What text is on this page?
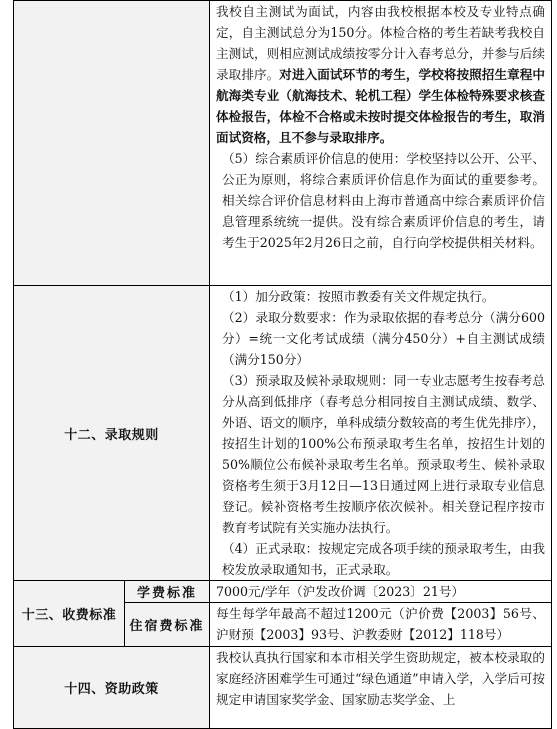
		我校自主测试为面试，内容由我校根据本校及专业特点确定，自主测试总分为150分。体检合格的考生若缺考我校自主测试，则相应测试成绩按零分计入春考总分，并参与后续录取排序。对进入面试环节的考生，学校将按照招生章程中航海类专业（航海技术、轮机工程）学生体检特殊要求核查体检报告，体检不合格或未按时提交体检报告的考生，取消面试资格，且不参与录取排序。

（5）综合素质评价信息的使用：学校坚持以公开、公平、公正为原则，将综合素质评价信息作为面试的重要参考。相关综合评价信息材料由上海市普通高中综合素质评价信息管理系统统一提供。没有综合素质评价信息的考生，请考生于2025年2月26日之前，自行向学校提供相关材料。

十二、录取规则		（1）加分政策：按照市教委有关文件规定执行。

（2）录取分数要求：作为录取依据的春考总分（满分600分）=统一文化考试成绩（满分450分）+自主测试成绩（满分150分）

（3）预录取及候补录取规则：同一专业志愿考生按春考总分从高到低排序（春考总分相同按自主测试成绩、数学、外语、语文的顺序，单科成绩分数较高的考生优先排序），按招生计划的100%公布预录取考生名单，按招生计划的50%顺位公布候补录取考生名单。预录取考生、候补录取资格考生须于3月12日—13日通过网上进行录取专业信息登记。候补资格考生按顺序依次候补。相关登记程序按市教育考试院有关实施办法执行。

（4）正式录取：按规定完成各项手续的预录取考生，由我校发放录取通知书，正式录取。

十三、收费标准	学费标准	7000元/学年（沪发改价调〔2023〕21号）
	住宿费标准	每生每学年最高不超过1200元（沪价费【2003】56号、沪财预【2003】93号、沪教委财【2012】118号）
十四、资助政策		我校认真执行国家和本市相关学生资助规定，被本校录取的家庭经济困难学生可通过“绿色通道”申请入学，入学后可按规定申请国家奖学金、国家励志奖学金、上
